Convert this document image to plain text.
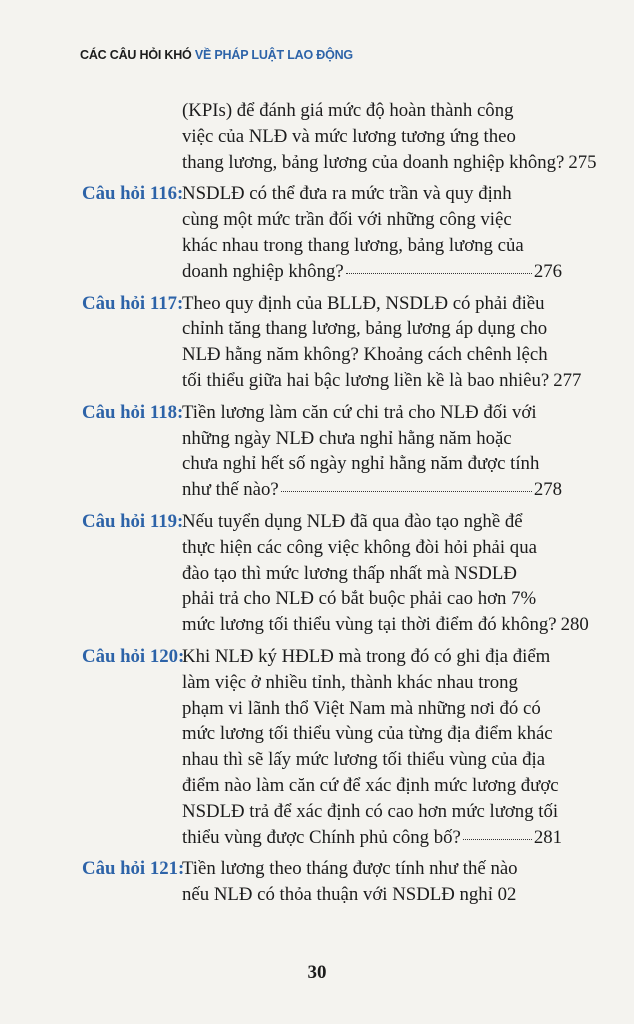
CÁC CÂU HỎI KHÓ VỀ PHÁP LUẬT LAO ĐỘNG
(KPIs) để đánh giá mức độ hoàn thành công
việc của NLĐ và mức lương tương ứng theo
thang lương, bảng lương của doanh nghiệp không? 275
Câu hỏi 116:
NSDLĐ có thể đưa ra mức trần và quy định
cùng một mức trần đối với những công việc
khác nhau trong thang lương, bảng lương của
doanh nghiệp không?	276
Câu hỏi 117:
Theo quy định của BLLĐ, NSDLĐ có phải điều
chỉnh tăng thang lương, bảng lương áp dụng cho
NLĐ hằng năm không? Khoảng cách chênh lệch
tối thiểu giữa hai bậc lương liền kề là bao nhiêu? 277
Câu hỏi 118:
Tiền lương làm căn cứ chi trả cho NLĐ đối với
những ngày NLĐ chưa nghỉ hằng năm hoặc
chưa nghỉ hết số ngày nghỉ hằng năm được tính
như thế nào?	278
Câu hỏi 119:
Nếu tuyển dụng NLĐ đã qua đào tạo nghề để
thực hiện các công việc không đòi hỏi phải qua
đào tạo thì mức lương thấp nhất mà NSDLĐ
phải trả cho NLĐ có bắt buộc phải cao hơn 7%
mức lương tối thiểu vùng tại thời điểm đó không? 280
Câu hỏi 120:
Khi NLĐ ký HĐLĐ mà trong đó có ghi địa điểm
làm việc ở nhiều tỉnh, thành khác nhau trong
phạm vi lãnh thổ Việt Nam mà những nơi đó có
mức lương tối thiểu vùng của từng địa điểm khác
nhau thì sẽ lấy mức lương tối thiểu vùng của địa
điểm nào làm căn cứ để xác định mức lương được
NSDLĐ trả để xác định có cao hơn mức lương tối
thiểu vùng được Chính phủ công bố?	281
Câu hỏi 121:
Tiền lương theo tháng được tính như thế nào
nếu NLĐ có thỏa thuận với NSDLĐ nghỉ 02
30
